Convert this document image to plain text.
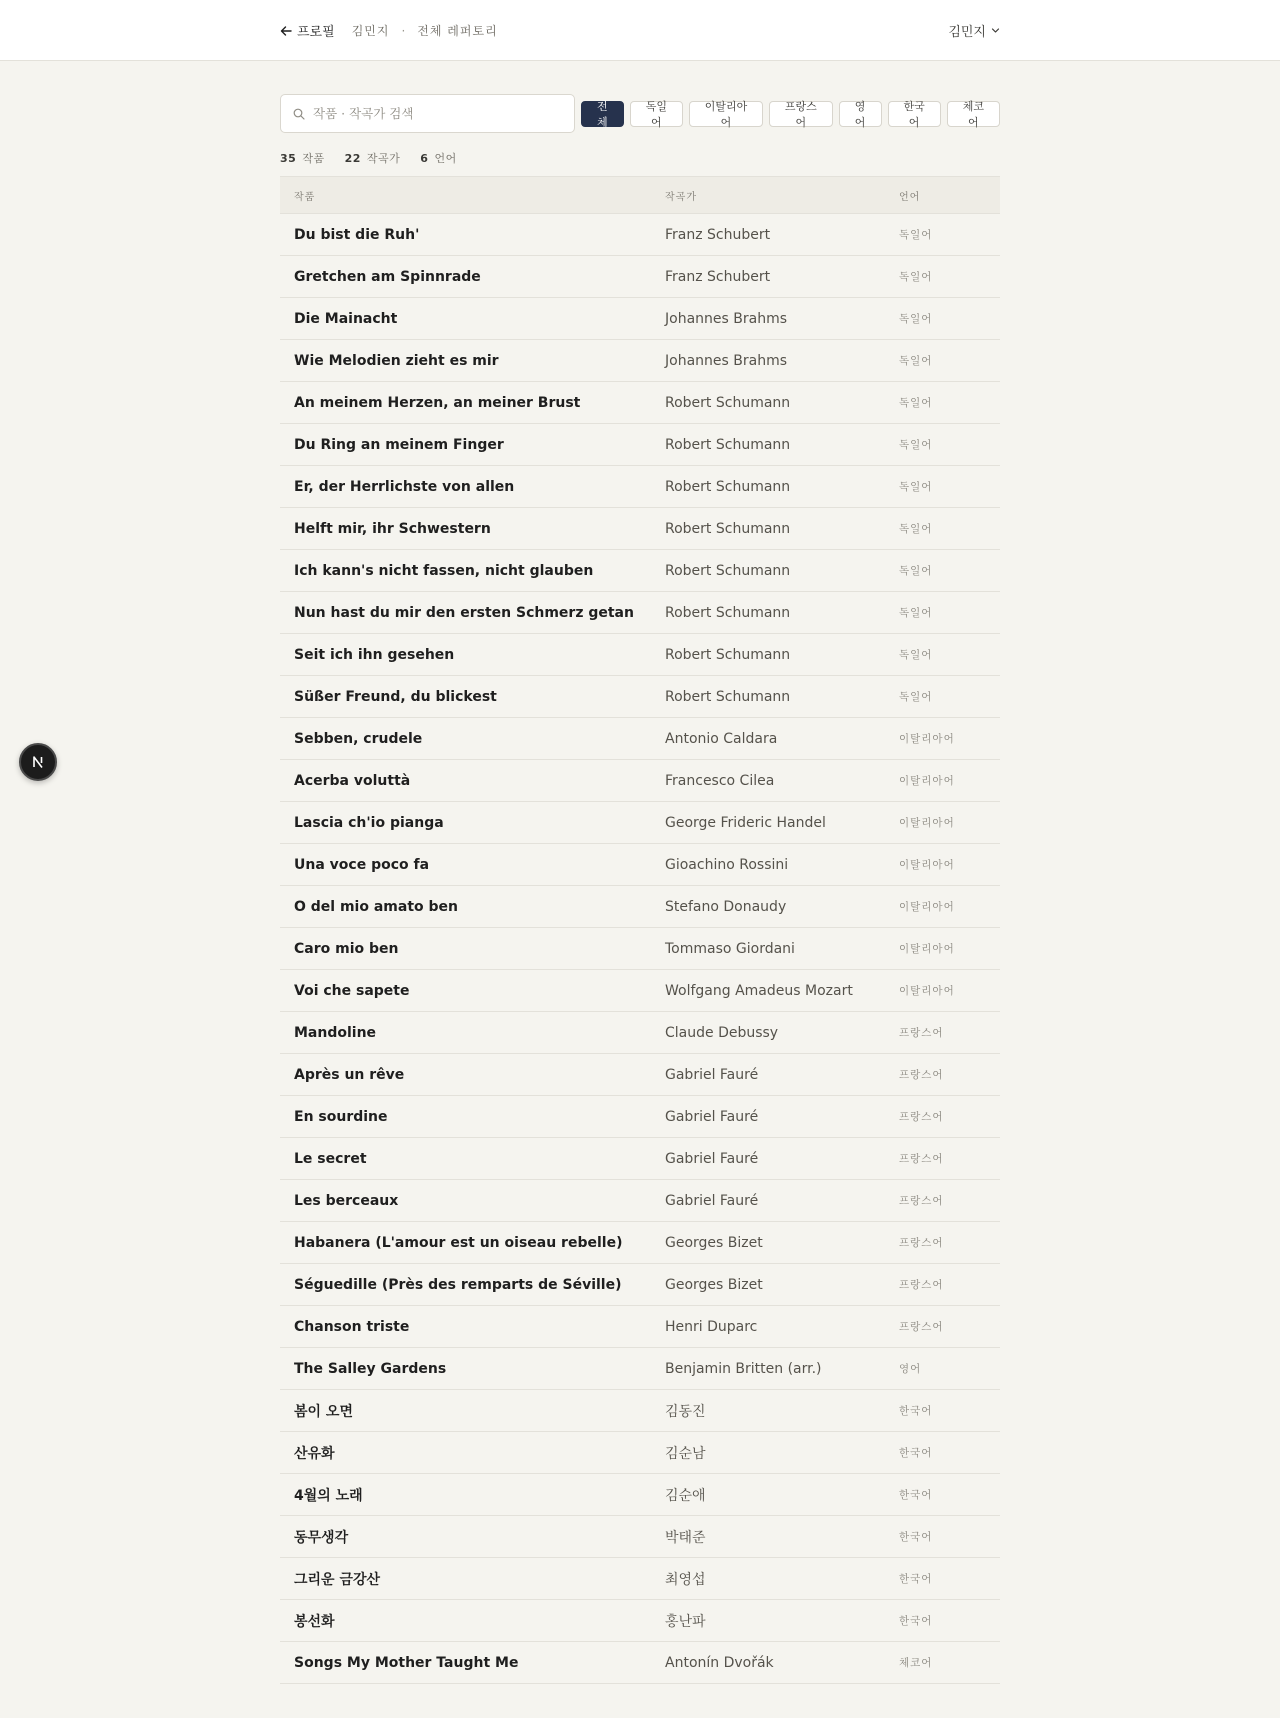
프로필 김민지 · 전체 레퍼토리	김민지
작품 · 작곡가 검색
전체
독일어
이탈리아어
프랑스어
영어
한국어
체코어
35 작품 22 작곡가 6 언어
작품	작곡가	언어
Du bist die Ruh'	Franz Schubert	독일어
Gretchen am Spinnrade	Franz Schubert	독일어
Die Mainacht	Johannes Brahms	독일어
Wie Melodien zieht es mir	Johannes Brahms	독일어
An meinem Herzen, an meiner Brust	Robert Schumann	독일어
Du Ring an meinem Finger	Robert Schumann	독일어
Er, der Herrlichste von allen	Robert Schumann	독일어
Helft mir, ihr Schwestern	Robert Schumann	독일어
Ich kann's nicht fassen, nicht glauben	Robert Schumann	독일어
Nun hast du mir den ersten Schmerz getan	Robert Schumann	독일어
Seit ich ihn gesehen	Robert Schumann	독일어
Süßer Freund, du blickest	Robert Schumann	독일어
Sebben, crudele	Antonio Caldara	이탈리아어
Acerba voluttà	Francesco Cilea	이탈리아어
Lascia ch'io pianga	George Frideric Handel	이탈리아어
Una voce poco fa	Gioachino Rossini	이탈리아어
O del mio amato ben	Stefano Donaudy	이탈리아어
Caro mio ben	Tommaso Giordani	이탈리아어
Voi che sapete	Wolfgang Amadeus Mozart	이탈리아어
Mandoline	Claude Debussy	프랑스어
Après un rêve	Gabriel Fauré	프랑스어
En sourdine	Gabriel Fauré	프랑스어
Le secret	Gabriel Fauré	프랑스어
Les berceaux	Gabriel Fauré	프랑스어
Habanera (L'amour est un oiseau rebelle)	Georges Bizet	프랑스어
Séguedille (Près des remparts de Séville)	Georges Bizet	프랑스어
Chanson triste	Henri Duparc	프랑스어
The Salley Gardens	Benjamin Britten (arr.)	영어
봄이 오면	김동진	한국어
산유화	김순남	한국어
4월의 노래	김순애	한국어
동무생각	박태준	한국어
그리운 금강산	최영섭	한국어
봉선화	홍난파	한국어
Songs My Mother Taught Me	Antonín Dvořák	체코어
